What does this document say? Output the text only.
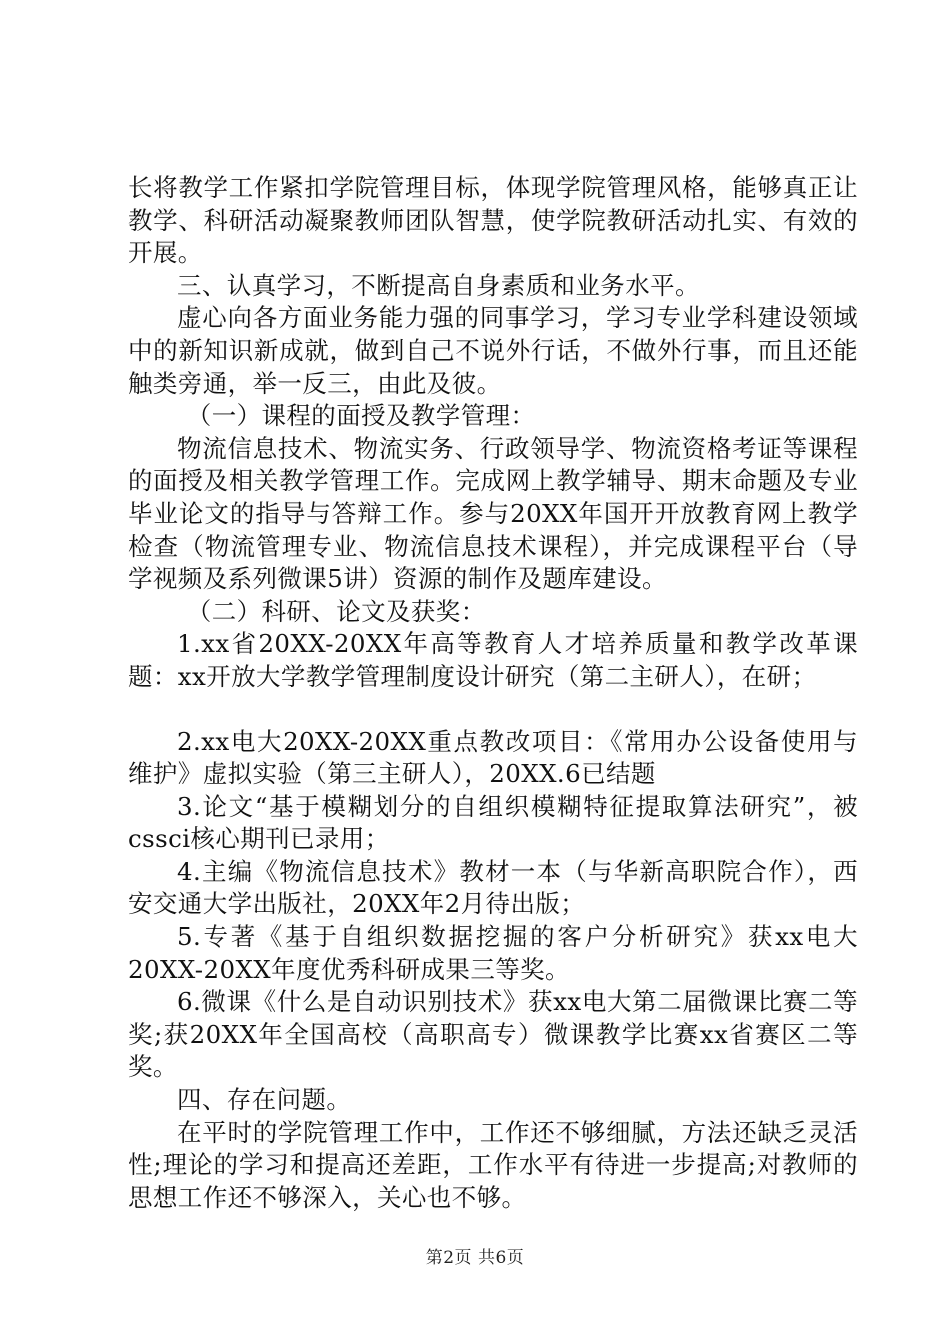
长将教学工作紧扣学院管理目标，体现学院管理风格，能够真正让教学、科研活动凝聚教师团队智慧，使学院教研活动扎实、有效的开展。

三、认真学习，不断提高自身素质和业务水平。

虚心向各方面业务能力强的同事学习，学习专业学科建设领域中的新知识新成就，做到自己不说外行话，不做外行事，而且还能触类旁通，举一反三，由此及彼。

（一）课程的面授及教学管理：

物流信息技术、物流实务、行政领导学、物流资格考证等课程的面授及相关教学管理工作。完成网上教学辅导、期末命题及专业毕业论文的指导与答辩工作。参与20XX年国开开放教育网上教学检查（物流管理专业、物流信息技术课程），并完成课程平台（导学视频及系列微课5讲）资源的制作及题库建设。

（二）科研、论文及获奖：

1.xx省20XX-20XX年高等教育人才培养质量和教学改革课题：xx开放大学教学管理制度设计研究（第二主研人），在研；

2.xx电大20XX-20XX重点教改项目：《常用办公设备使用与维护》虚拟实验（第三主研人），20XX.6已结题

3.论文“基于模糊划分的自组织模糊特征提取算法研究”，被cssci核心期刊已录用；

4.主编《物流信息技术》教材一本（与华新高职院合作），西安交通大学出版社，20XX年2月待出版；

5.专著《基于自组织数据挖掘的客户分析研究》获xx电大20XX-20XX年度优秀科研成果三等奖。

6.微课《什么是自动识别技术》获xx电大第二届微课比赛二等奖;获20XX年全国高校（高职高专）微课教学比赛xx省赛区二等奖。

四、存在问题。

在平时的学院管理工作中，工作还不够细腻，方法还缺乏灵活性;理论的学习和提高还差距，工作水平有待进一步提高;对教师的思想工作还不够深入，关心也不够。

第2页 共6页
